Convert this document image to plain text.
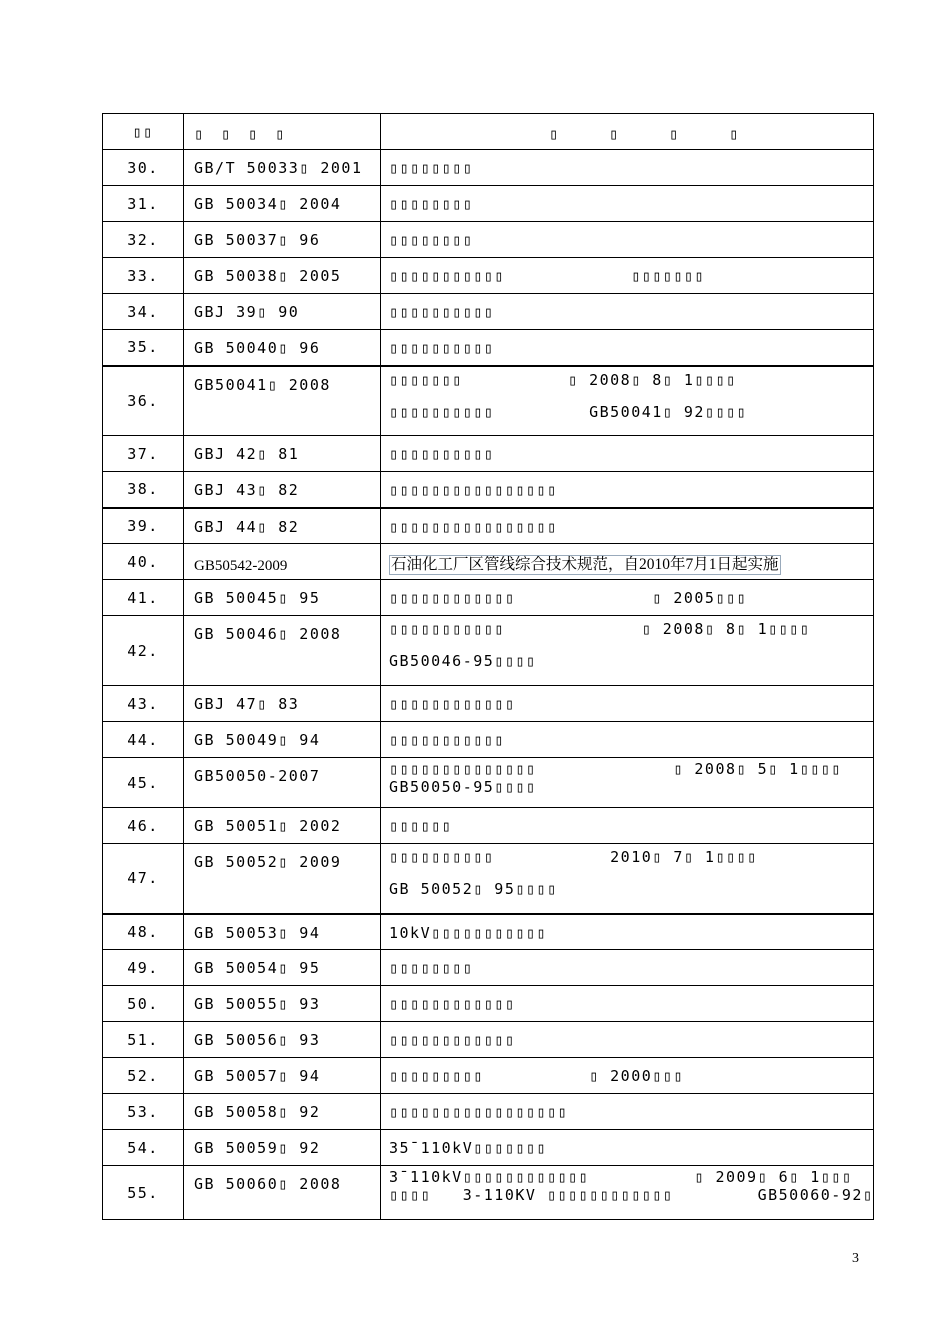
▯▯	▯　▯　▯　▯	▯　　　▯　　　▯　　　▯
30.	GB/T 50033▯ 2001	▯▯▯▯▯▯▯▯

31.	GB 50034▯ 2004	▯▯▯▯▯▯▯▯

32.	GB 50037▯ 96	▯▯▯▯▯▯▯▯

33.	GB 50038▯ 2005	▯▯▯▯▯▯▯▯▯▯▯            ▯▯▯▯▯▯▯

34.	GBJ 39▯ 90	▯▯▯▯▯▯▯▯▯▯

35.	GB 50040▯ 96	▯▯▯▯▯▯▯▯▯▯

36.	GB50041▯ 2008	▯▯▯▯▯▯▯          ▯ 2008▯ 8▯ 1▯▯▯▯
▯▯▯▯▯▯▯▯▯▯         GB50041▯ 92▯▯▯▯

37.	GBJ 42▯ 81	▯▯▯▯▯▯▯▯▯▯

38.	GBJ 43▯ 82	▯▯▯▯▯▯▯▯▯▯▯▯▯▯▯▯

39.	GBJ 44▯ 82	▯▯▯▯▯▯▯▯▯▯▯▯▯▯▯▯

40.	GB50542-2009	石油化工厂区管线综合技术规范，自2010年7月1日起实施
41.	GB 50045▯ 95	▯▯▯▯▯▯▯▯▯▯▯▯             ▯ 2005▯▯▯

42.	GB 50046▯ 2008	▯▯▯▯▯▯▯▯▯▯▯             ▯ 2008▯ 8▯ 1▯▯▯▯
GB50046-95▯▯▯▯

43.	GBJ 47▯ 83	▯▯▯▯▯▯▯▯▯▯▯▯

44.	GB 50049▯ 94	▯▯▯▯▯▯▯▯▯▯▯

45.	GB50050-2007	▯▯▯▯▯▯▯▯▯▯▯▯▯▯             ▯ 2008▯ 5▯ 1▯▯▯▯
GB50050-95▯▯▯▯

46.	GB 50051▯ 2002	▯▯▯▯▯▯

47.	GB 50052▯ 2009	▯▯▯▯▯▯▯▯▯▯           2010▯ 7▯ 1▯▯▯▯
GB 50052▯ 95▯▯▯▯

48.	GB 50053▯ 94	10kV▯▯▯▯▯▯▯▯▯▯▯

49.	GB 50054▯ 95	▯▯▯▯▯▯▯▯

50.	GB 50055▯ 93	▯▯▯▯▯▯▯▯▯▯▯▯

51.	GB 50056▯ 93	▯▯▯▯▯▯▯▯▯▯▯▯

52.	GB 50057▯ 94	▯▯▯▯▯▯▯▯▯          ▯ 2000▯▯▯

53.	GB 50058▯ 92	▯▯▯▯▯▯▯▯▯▯▯▯▯▯▯▯▯

54.	GB 50059▯ 92	35¯110kV▯▯▯▯▯▯▯

55.	GB 50060▯ 2008	3¯110kV▯▯▯▯▯▯▯▯▯▯▯▯          ▯ 2009▯ 6▯ 1▯▯▯
▯▯▯▯   3-110KV ▯▯▯▯▯▯▯▯▯▯▯▯        GB50060-92▯
3
